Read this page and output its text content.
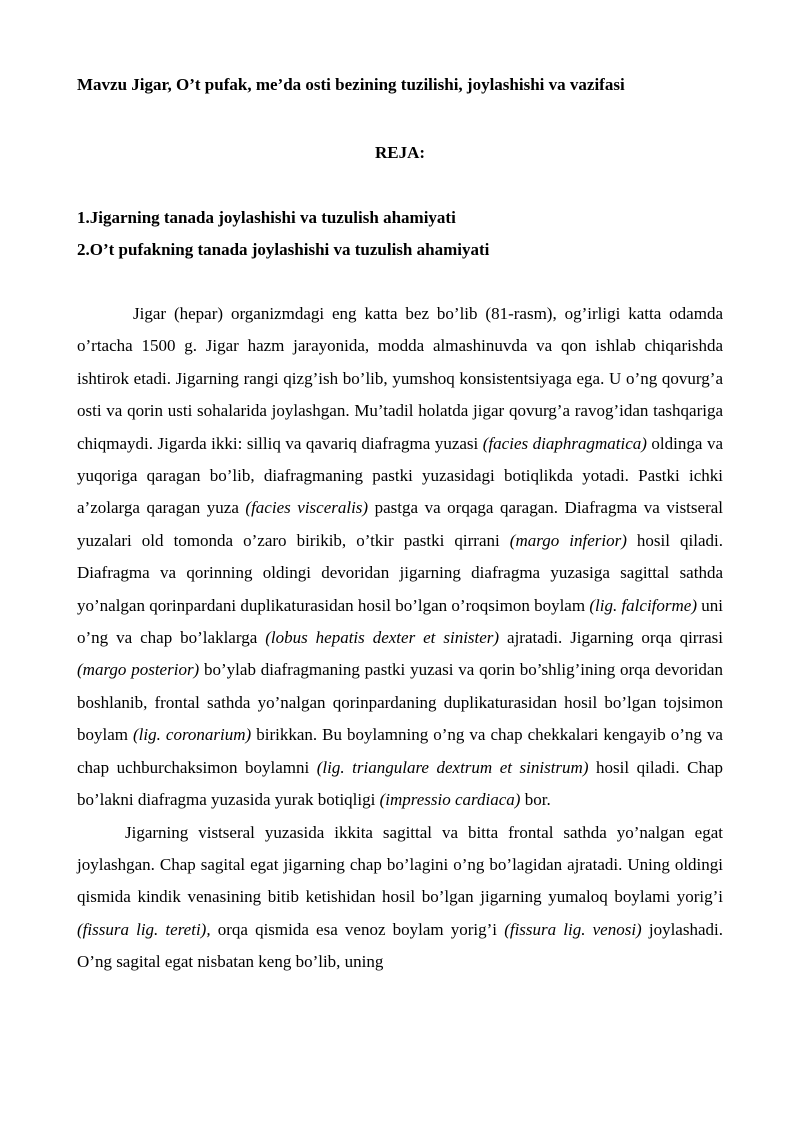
Mavzu Jigar, O’t pufak, me’da osti bezining tuzilishi, joylashishi va vazifasi
REJA:
1.Jigarning tanada joylashishi va tuzulish ahamiyati
2.O’t pufakning tanada joylashishi va tuzulish ahamiyati

Jigar (hepar) organizmdagi eng katta bez bo’lib (81-rasm), og’irligi katta odamda o’rtacha 1500 g. Jigar hazm jarayonida, modda almashinuvda va qon ishlab chiqarishda ishtirok etadi. Jigarning rangi qizg’ish bo’lib, yumshoq konsistentsiyaga ega. U o’ng qovurg’a osti va qorin usti sohalarida joylashgan. Mu’tadil holatda jigar qovurg’a ravog’idan tashqariga chiqmaydi. Jigarda ikki: silliq va qavariq diafragma yuzasi (facies diaphragmatica) oldinga va yuqoriga qaragan bo’lib, diafragmaning pastki yuzasidagi botiqlikda yotadi. Pastki ichki a’zolarga qaragan yuza (facies visceralis) pastga va orqaga qaragan. Diafragma va vistseral yuzalari old tomonda o’zaro birikib, o’tkir pastki qirrani (margo inferior) hosil qiladi. Diafragma va qorinning oldingi devoridan jigarning diafragma yuzasiga sagittal sathda yo’nalgan qorinpardani duplikaturasidan hosil bo’lgan o’roqsimon boylam (lig. falciforme) uni o’ng va chap bo’laklarga (lobus hepatis dexter et sinister) ajratadi. Jigarning orqa qirrasi (margo posterior) bo’ylab diafragmaning pastki yuzasi va qorin bo’shlig’ining orqa devoridan boshlanib, frontal sathda yo’nalgan qorinpardaning duplikaturasidan hosil bo’lgan tojsimon boylam (lig. coronarium) birikkan. Bu boylamning o’ng va chap chekkalari kengayib o’ng va chap uchburchaksimon boylamni (lig. triangulare dextrum et sinistrum) hosil qiladi. Chap bo’lakni diafragma yuzasida yurak botiqligi (impressio cardiaca) bor.

Jigarning vistseral yuzasida ikkita sagittal va bitta frontal sathda yo’nalgan egat joylashgan. Chap sagital egat jigarning chap bo’lagini o’ng bo’lagidan ajratadi. Uning oldingi qismida kindik venasining bitib ketishidan hosil bo’lgan jigarning yumaloq boylami yorig’i (fissura lig. tereti), orqa qismida esa venoz boylam yorig’i (fissura lig. venosi) joylashadi. O’ng sagital egat nisbatan keng bo’lib, uning
